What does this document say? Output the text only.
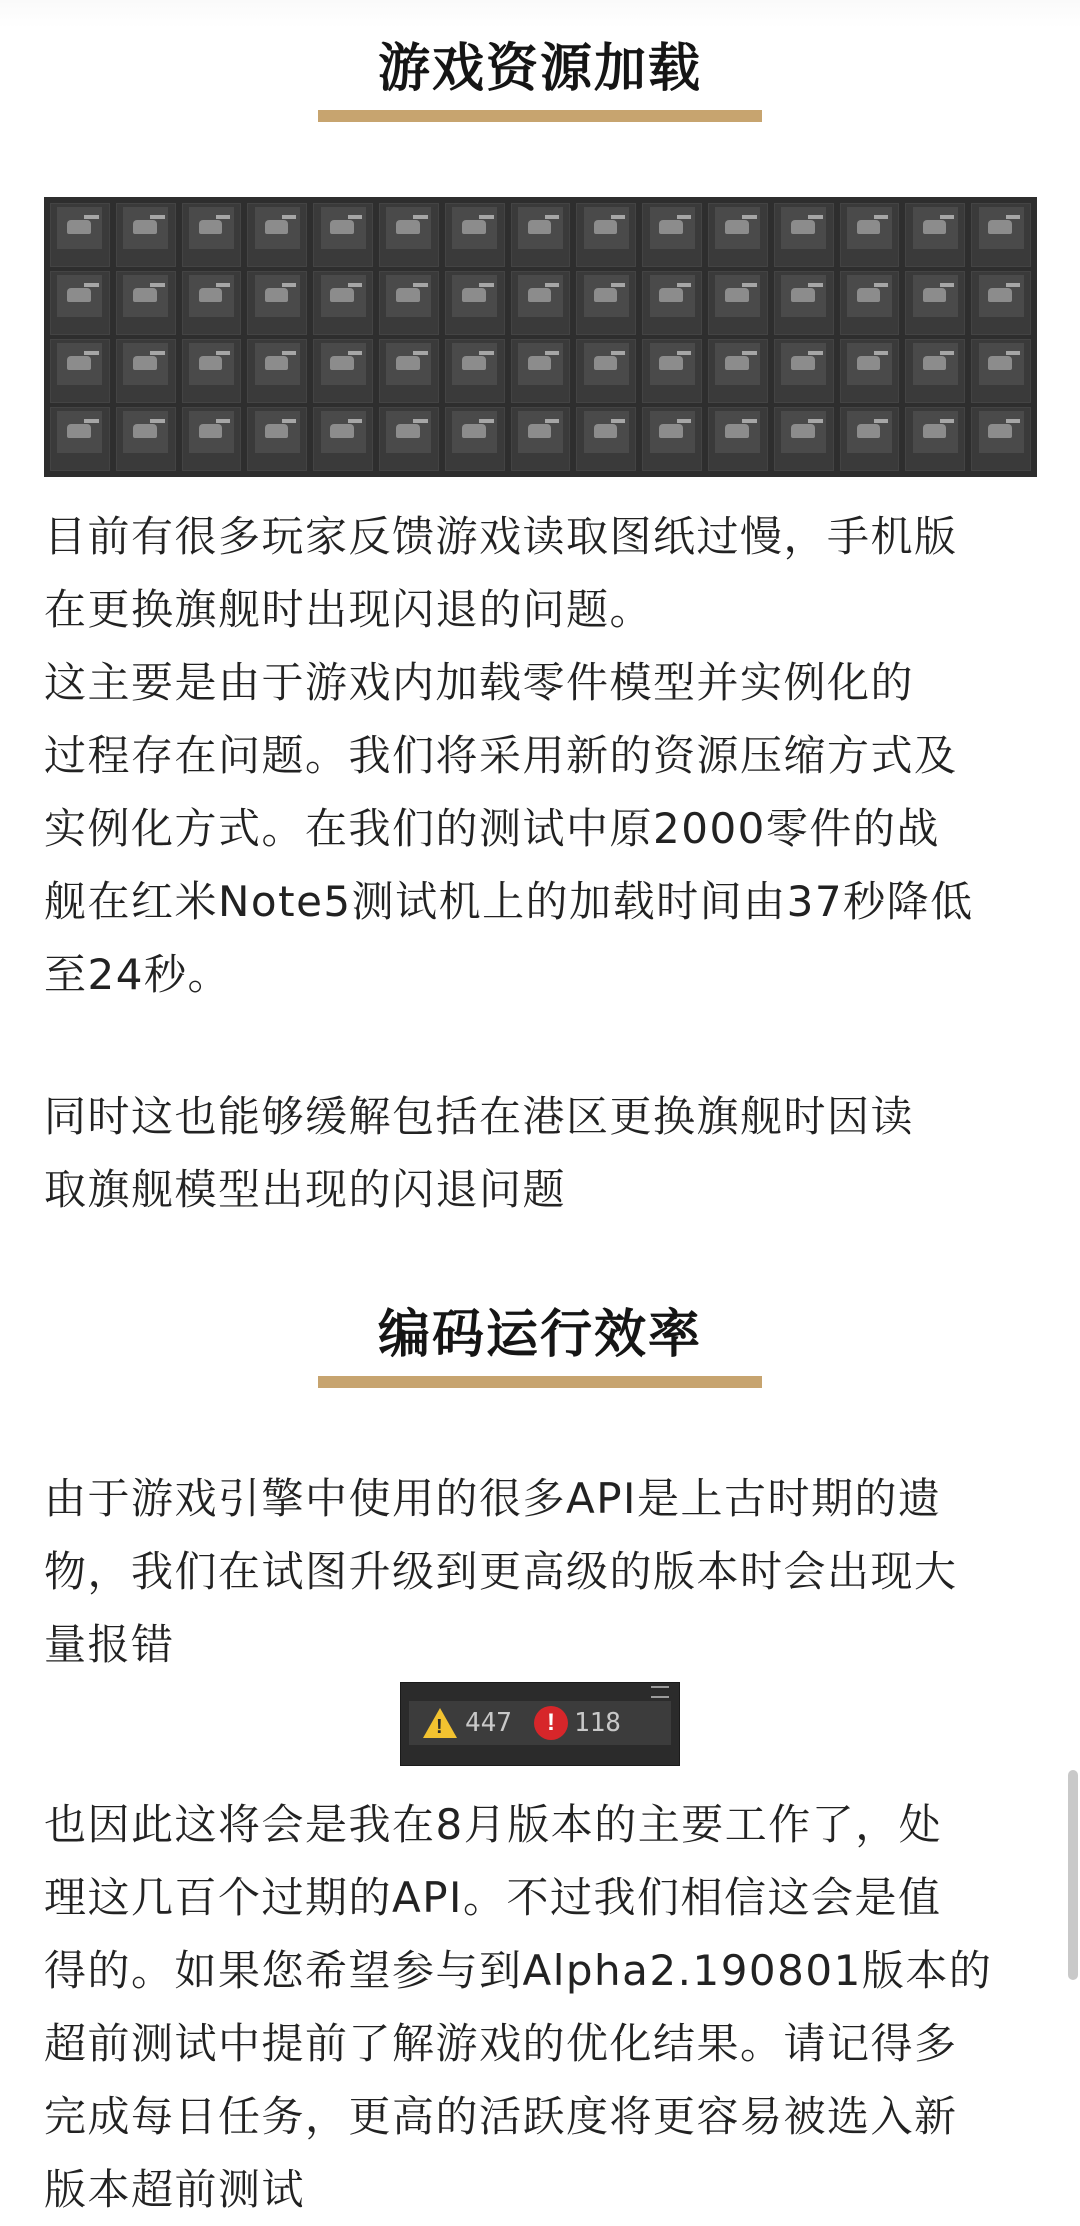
游戏资源加载
目前有很多玩家反馈游戏读取图纸过慢，手机版
在更换旗舰时出现闪退的问题。
这主要是由于游戏内加载零件模型并实例化的
过程存在问题。我们将采用新的资源压缩方式及
实例化方式。在我们的测试中原2000零件的战
舰在红米Note5测试机上的加载时间由37秒降低
至24秒。
同时这也能够缓解包括在港区更换旗舰时因读
取旗舰模型出现的闪退问题
编码运行效率
由于游戏引擎中使用的很多API是上古时期的遗
物，我们在试图升级到更高级的版本时会出现大
量报错
! 447	! 118
也因此这将会是我在8月版本的主要工作了，处
理这几百个过期的API。不过我们相信这会是值
得的。如果您希望参与到Alpha2.190801版本的
超前测试中提前了解游戏的优化结果。请记得多
完成每日任务，更高的活跃度将更容易被选入新
版本超前测试
